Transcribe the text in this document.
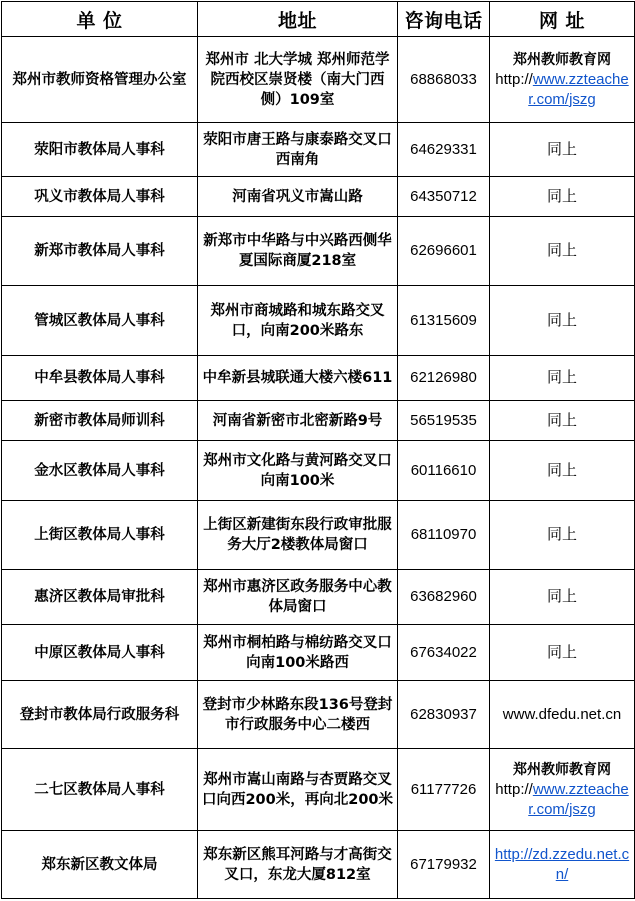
单 位	地址	咨询电话	网 址
郑州市教师资格管理办公室	郑州市 北大学城 郑州师范学院西校区崇贤楼（南大门西侧）109室	68868033	郑州教师教育网
http://www.zzteacher.com/jszg
荥阳市教体局人事科	荥阳市唐王路与康泰路交叉口西南角	64629331	同上
巩义市教体局人事科	河南省巩义市嵩山路	64350712	同上
新郑市教体局人事科	新郑市中华路与中兴路西侧华夏国际商厦218室	62696601	同上
管城区教体局人事科	郑州市商城路和城东路交叉口，向南200米路东	61315609	同上
中牟县教体局人事科	中牟新县城联通大楼六楼611	62126980	同上
新密市教体局师训科	河南省新密市北密新路9号	56519535	同上
金水区教体局人事科	郑州市文化路与黄河路交叉口向南100米	60116610	同上
上街区教体局人事科	上街区新建街东段行政审批服务大厅2楼教体局窗口	68110970	同上
惠济区教体局审批科	郑州市惠济区政务服务中心教体局窗口	63682960	同上
中原区教体局人事科	郑州市桐柏路与棉纺路交叉口向南100米路西	67634022	同上
登封市教体局行政服务科	登封市少林路东段136号登封市行政服务中心二楼西	62830937	www.dfedu.net.cn
二七区教体局人事科	郑州市嵩山南路与杏贾路交叉口向西200米，再向北200米	61177726	郑州教师教育网
http://www.zzteacher.com/jszg
郑东新区教文体局	郑东新区熊耳河路与才高街交叉口，东龙大厦812室	67179932	http://zd.zzedu.net.cn/
